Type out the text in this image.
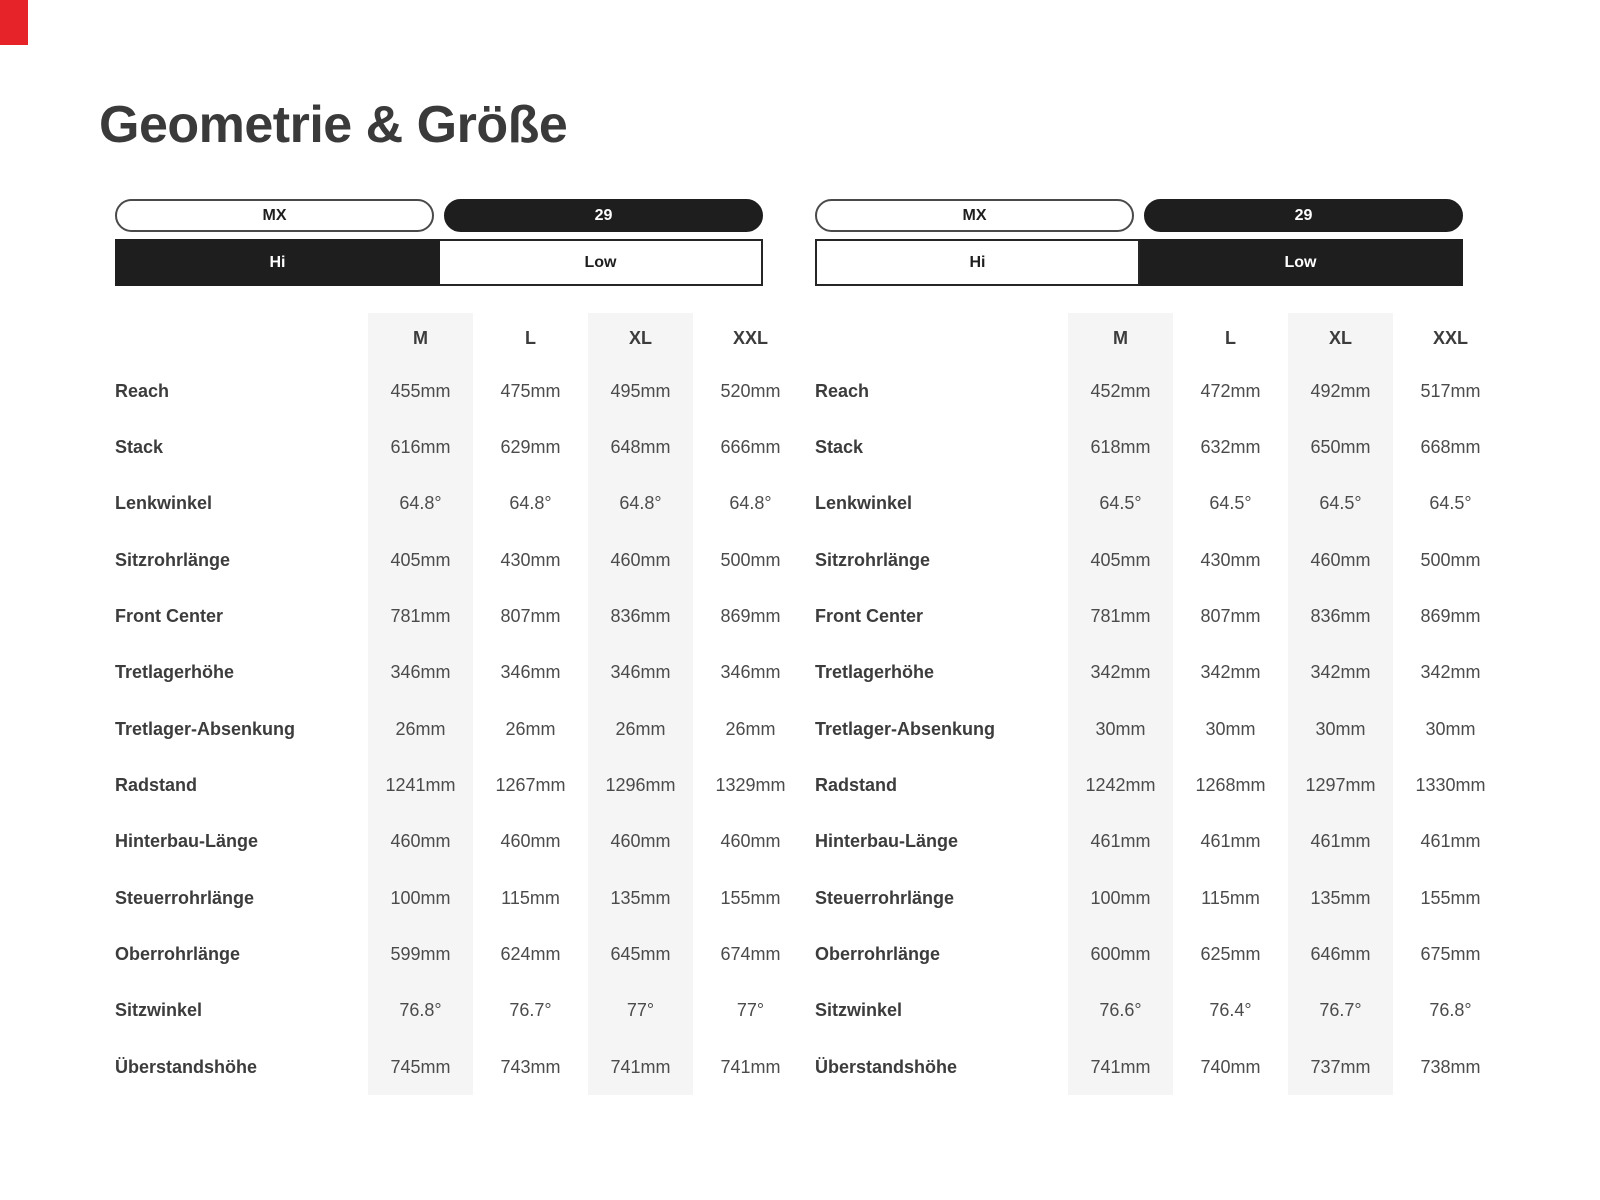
Geometrie & Größe
MX	29
Hi	Low
M	L	XL	XXL
Reach	455mm	475mm	495mm	520mm
Stack	616mm	629mm	648mm	666mm
Lenkwinkel	64.8°	64.8°	64.8°	64.8°
Sitzrohrlänge	405mm	430mm	460mm	500mm
Front Center	781mm	807mm	836mm	869mm
Tretlagerhöhe	346mm	346mm	346mm	346mm
Tretlager-Absenkung	26mm	26mm	26mm	26mm
Radstand	1241mm	1267mm	1296mm	1329mm
Hinterbau-Länge	460mm	460mm	460mm	460mm
Steuerrohrlänge	100mm	115mm	135mm	155mm
Oberrohrlänge	599mm	624mm	645mm	674mm
Sitzwinkel	76.8°	76.7°	77°	77°
Überstandshöhe	745mm	743mm	741mm	741mm
MX	29
Hi	Low
M	L	XL	XXL
Reach	452mm	472mm	492mm	517mm
Stack	618mm	632mm	650mm	668mm
Lenkwinkel	64.5°	64.5°	64.5°	64.5°
Sitzrohrlänge	405mm	430mm	460mm	500mm
Front Center	781mm	807mm	836mm	869mm
Tretlagerhöhe	342mm	342mm	342mm	342mm
Tretlager-Absenkung	30mm	30mm	30mm	30mm
Radstand	1242mm	1268mm	1297mm	1330mm
Hinterbau-Länge	461mm	461mm	461mm	461mm
Steuerrohrlänge	100mm	115mm	135mm	155mm
Oberrohrlänge	600mm	625mm	646mm	675mm
Sitzwinkel	76.6°	76.4°	76.7°	76.8°
Überstandshöhe	741mm	740mm	737mm	738mm
